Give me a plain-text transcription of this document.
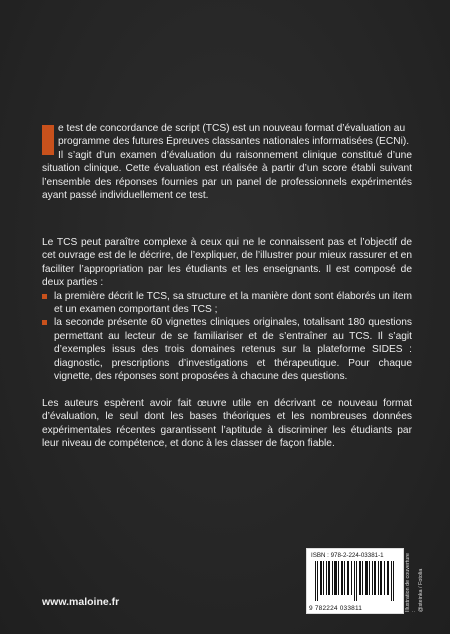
e test de concordance de script (TCS) est un nouveau format d’évaluation au programme des futures Épreuves classantes nationales informatisées (ECNi).

Il s’agit d’un examen d’évaluation du raisonnement clinique constitué d’une situation clinique. Cette évaluation est réalisée à partir d’un score établi suivant l’ensemble des réponses fournies par un panel de professionnels expérimentés ayant passé individuellement ce test.

Le TCS peut paraître complexe à ceux qui ne le connaissent pas et l’objectif de cet ouvrage est de le décrire, de l’expliquer, de l’illustrer pour mieux rassurer et en faciliter l’appropriation par les étudiants et les enseignants. Il est composé de deux parties :

la première décrit le TCS, sa structure et la manière dont sont élaborés un item et un examen comportant des TCS ;
la seconde présente 60 vignettes cliniques originales, totalisant 180 questions permettant au lecteur de se familiariser et de s’entraîner au TCS. Il s’agit d’exemples issus des trois domaines retenus sur la plateforme SIDES : diagnostic, prescriptions d’investigations et thérapeutique. Pour chaque vignette, des réponses sont proposées à chacune des questions.

Les auteurs espèrent avoir fait œuvre utile en décrivant ce nouveau format d’évaluation, le seul dont les bases théoriques et les nombreuses données expérimentales récentes garantissent l’aptitude à discriminer les étudiants par leur niveau de compétence, et donc à les classer de façon fiable.

ISBN : 978-2-224-03381-1
9 782224 033811	Illustration de couverture : @steinka / Fotolia
www.maloine.fr
